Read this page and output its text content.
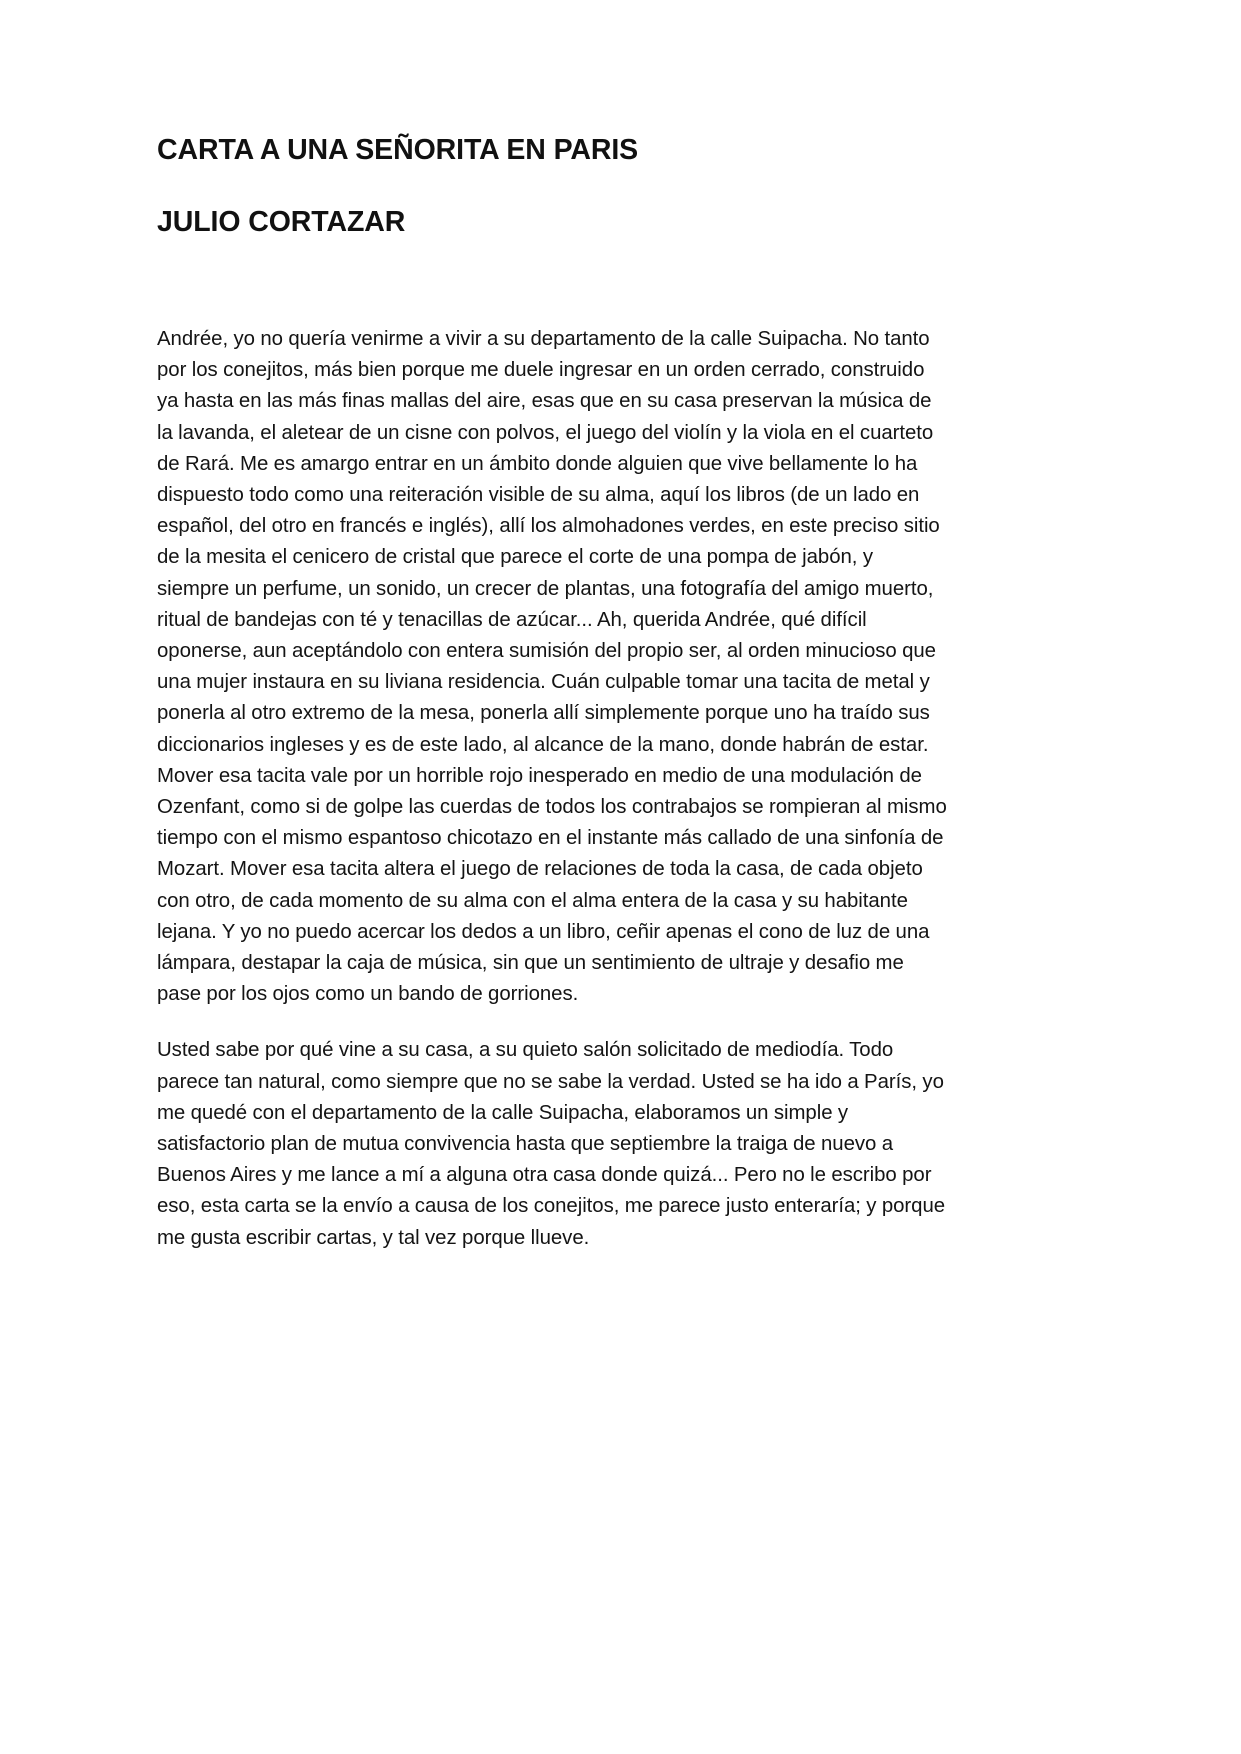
CARTA A UNA SEÑORITA EN PARIS
JULIO CORTAZAR

Andrée, yo no quería venirme a vivir a su departamento de la calle Suipacha. No tanto por los conejitos, más bien porque me duele ingresar en un orden cerrado, construido ya hasta en las más finas mallas del aire, esas que en su casa preservan la música de la lavanda, el aletear de un cisne con polvos, el juego del violín y la viola en el cuarteto de Rará. Me es amargo entrar en un ámbito donde alguien que vive bellamente lo ha dispuesto todo como una reiteración visible de su alma, aquí los libros (de un lado en español, del otro en francés e inglés), allí los almohadones verdes, en este preciso sitio de la mesita el cenicero de cristal que parece el corte de una pompa de jabón, y siempre un perfume, un sonido, un crecer de plantas, una fotografía del amigo muerto, ritual de bandejas con té y tenacillas de azúcar... Ah, querida Andrée, qué difícil oponerse, aun aceptándolo con entera sumisión del propio ser, al orden minucioso que una mujer instaura en su liviana residencia. Cuán culpable tomar una tacita de metal y ponerla al otro extremo de la mesa, ponerla allí simplemente porque uno ha traído sus diccionarios ingleses y es de este lado, al alcance de la mano, donde habrán de estar. Mover esa tacita vale por un horrible rojo inesperado en medio de una modulación de Ozenfant, como si de golpe las cuerdas de todos los contrabajos se rompieran al mismo tiempo con el mismo espantoso chicotazo en el instante más callado de una sinfonía de Mozart. Mover esa tacita altera el juego de relaciones de toda la casa, de cada objeto con otro, de cada momento de su alma con el alma entera de la casa y su habitante lejana. Y yo no puedo acercar los dedos a un libro, ceñir apenas el cono de luz de una lámpara, destapar la caja de música, sin que un sentimiento de ultraje y desafio me pase por los ojos como un bando de gorriones.

Usted sabe por qué vine a su casa, a su quieto salón solicitado de mediodía. Todo parece tan natural, como siempre que no se sabe la verdad. Usted se ha ido a París, yo me quedé con el departamento de la calle Suipacha, elaboramos un simple y satisfactorio plan de mutua convivencia hasta que septiembre la traiga de nuevo a Buenos Aires y me lance a mí a alguna otra casa donde quizá... Pero no le escribo por eso, esta carta se la envío a causa de los conejitos, me parece justo enteraría; y porque me gusta escribir cartas, y tal vez porque llueve.
